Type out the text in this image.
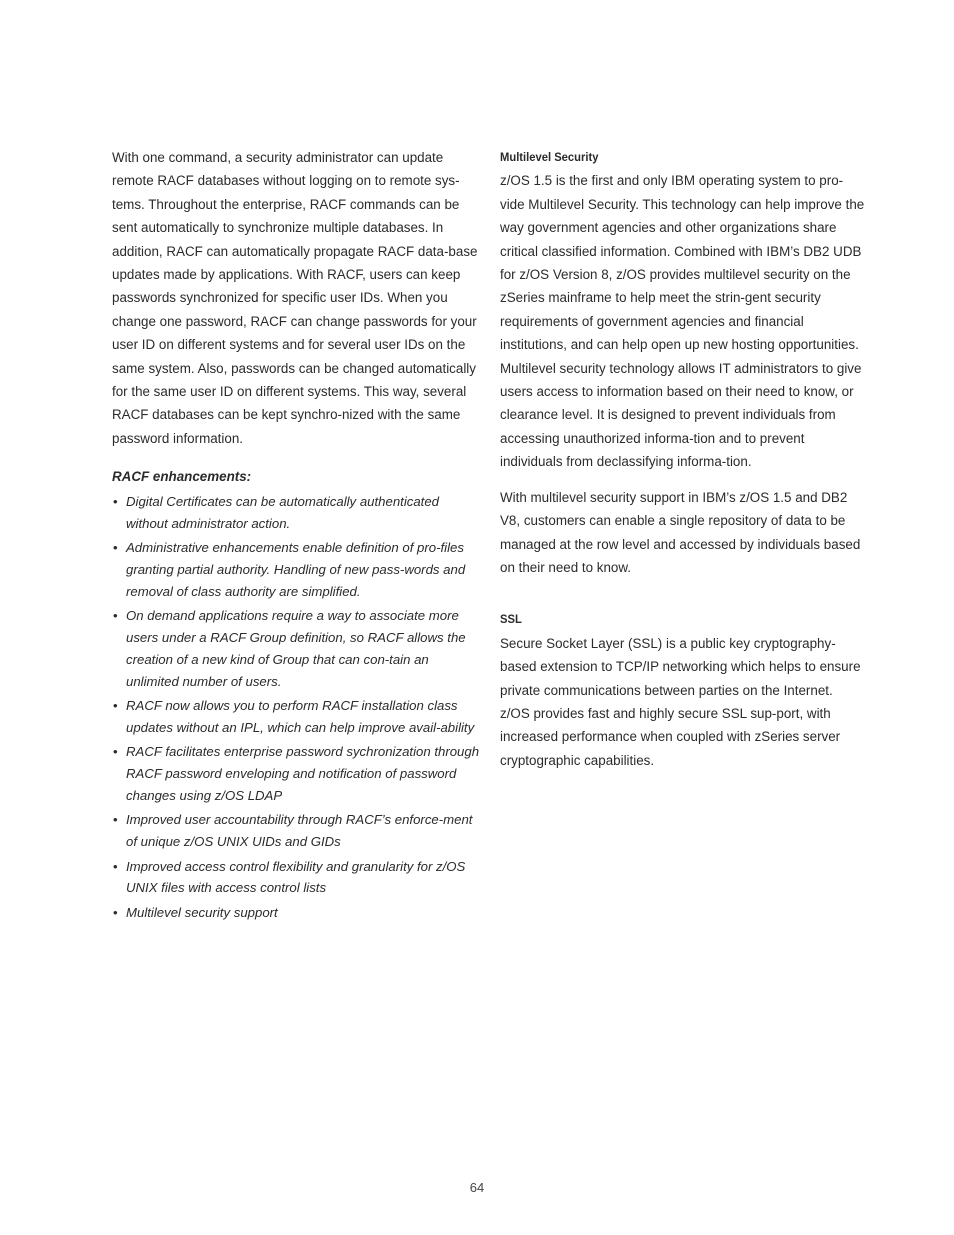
With one command, a security administrator can update remote RACF databases without logging on to remote sys-tems. Throughout the enterprise, RACF commands can be sent automatically to synchronize multiple databases. In addition, RACF can automatically propagate RACF data-base updates made by applications. With RACF, users can keep passwords synchronized for specific user IDs. When you change one password, RACF can change passwords for your user ID on different systems and for several user IDs on the same system. Also, passwords can be changed automatically for the same user ID on different systems. This way, several RACF databases can be kept synchro-nized with the same password information.

RACF enhancements:
• Digital Certificates can be automatically authenticated without administrator action.
• Administrative enhancements enable definition of pro-files granting partial authority. Handling of new pass-words and removal of class authority are simplified.
• On demand applications require a way to associate more users under a RACF Group definition, so RACF allows the creation of a new kind of Group that can con-tain an unlimited number of users.
• RACF now allows you to perform RACF installation class updates without an IPL, which can help improve avail-ability
• RACF facilitates enterprise password sychronization through RACF password enveloping and notification of password changes using z/OS LDAP
• Improved user accountability through RACF’s enforce-ment of unique z/OS UNIX UIDs and GIDs
• Improved access control flexibility and granularity for z/OS UNIX files with access control lists
• Multilevel security support
Multilevel Security

z/OS 1.5 is the first and only IBM operating system to pro-vide Multilevel Security. This technology can help improve the way government agencies and other organizations share critical classified information. Combined with IBM’s DB2 UDB for z/OS Version 8, z/OS provides multilevel security on the zSeries mainframe to help meet the strin-gent security requirements of government agencies and financial institutions, and can help open up new hosting opportunities. Multilevel security technology allows IT administrators to give users access to information based on their need to know, or clearance level. It is designed to prevent individuals from accessing unauthorized informa-tion and to prevent individuals from declassifying informa-tion.

With multilevel security support in IBM’s z/OS 1.5 and DB2 V8, customers can enable a single repository of data to be managed at the row level and accessed by individuals based on their need to know.

SSL

Secure Socket Layer (SSL) is a public key cryptography-based extension to TCP/IP networking which helps to ensure private communications between parties on the Internet. z/OS provides fast and highly secure SSL sup-port, with increased performance when coupled with zSeries server cryptographic capabilities.

64
